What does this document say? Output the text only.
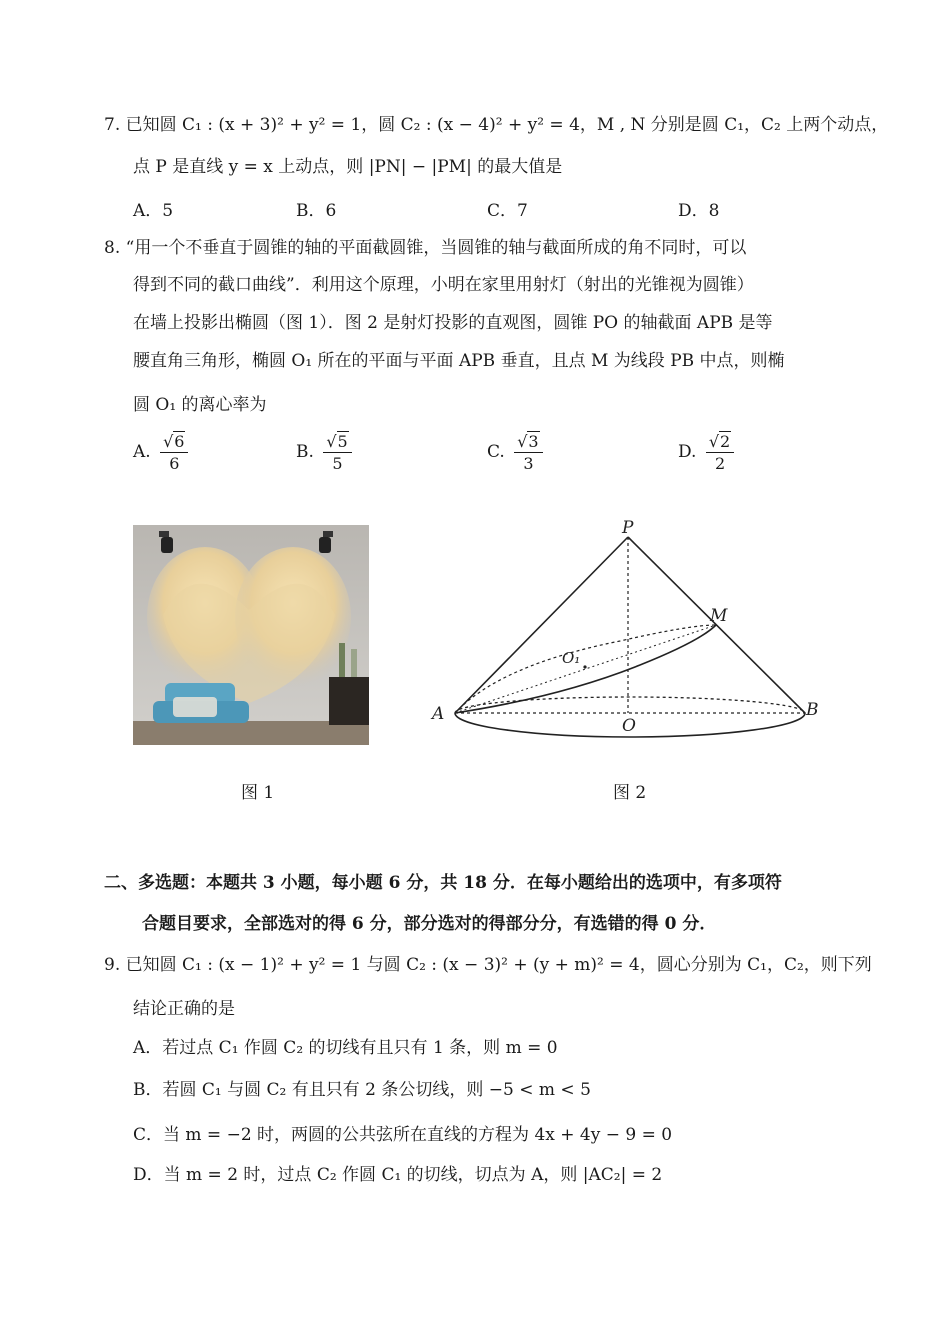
7. 已知圆 C₁ : (x + 3)² + y² = 1，圆 C₂ : (x − 4)² + y² = 4，M , N 分别是圆 C₁，C₂ 上两个动点，
点 P 是直线 y = x 上动点，则 |PN| − |PM| 的最大值是
A．5	B．6	C．7	D．8
8. “用一个不垂直于圆锥的轴的平面截圆锥，当圆锥的轴与截面所成的角不同时，可以
得到不同的截口曲线”．利用这个原理，小明在家里用射灯（射出的光锥视为圆锥）
在墙上投影出椭圆（图 1）．图 2 是射灯投影的直观图，圆锥 PO 的轴截面 APB 是等
腰直角三角形，椭圆 O₁ 所在的平面与平面 APB 垂直，且点 M 为线段 PB 中点，则椭
圆 O₁ 的离心率为
A. $\frac{√6}{6}$	B. $\frac{√5}{5}$	C. $\frac{√3}{3}$	D. $\frac{√2}{2}$
P
M
O₁
A
O
B
图 1	图 2
二、多选题：本题共 3 小题，每小题 6 分，共 18 分．在每小题给出的选项中，有多项符
合题目要求，全部选对的得 6 分，部分选对的得部分分，有选错的得 0 分．
9. 已知圆 C₁ : (x − 1)² + y² = 1 与圆 C₂ : (x − 3)² + (y + m)² = 4，圆心分别为 C₁，C₂，则下列
结论正确的是
A．若过点 C₁ 作圆 C₂ 的切线有且只有 1 条，则 m = 0
B．若圆 C₁ 与圆 C₂ 有且只有 2 条公切线，则 −5 < m < 5
C．当 m = −2 时，两圆的公共弦所在直线的方程为 4x + 4y − 9 = 0
D．当 m = 2 时，过点 C₂ 作圆 C₁ 的切线，切点为 A，则 |AC₂| = 2
